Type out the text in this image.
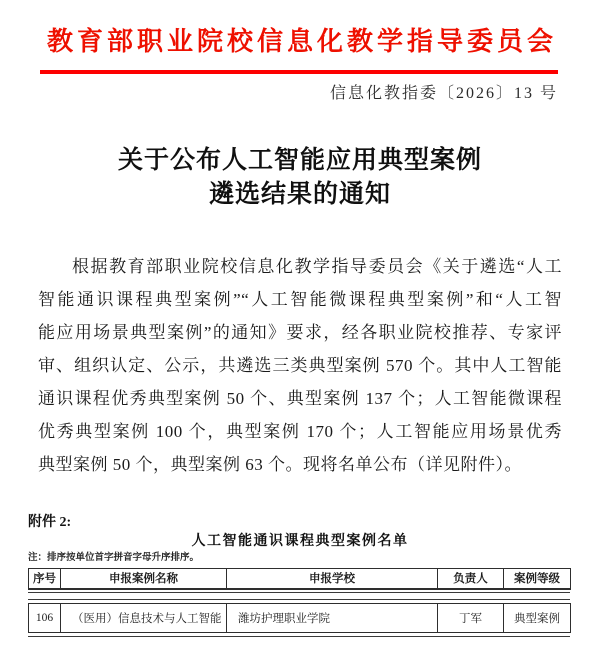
教育部职业院校信息化教学指导委员会
信息化教指委〔2026〕13 号
关于公布人工智能应用典型案例
遴选结果的通知
根据教育部职业院校信息化教学指导委员会《关于遴选“人工
智能通识课程典型案例”“人工智能微课程典型案例”和“人工智
能应用场景典型案例”的通知》要求，经各职业院校推荐、专家评
审、组织认定、公示，共遴选三类典型案例 570 个。其中人工智能
通识课程优秀典型案例 50 个、典型案例 137 个；人工智能微课程
优秀典型案例 100 个，典型案例 170 个；人工智能应用场景优秀
典型案例 50 个，典型案例 63 个。现将名单公布（详见附件）。
附件 2:
人工智能通识课程典型案例名单
注：排序按单位首字拼音字母升序排序。
序号	申报案例名称	申报学校	负责人	案例等级
106	（医用）信息技术与人工智能	潍坊护理职业学院	丁军	典型案例
